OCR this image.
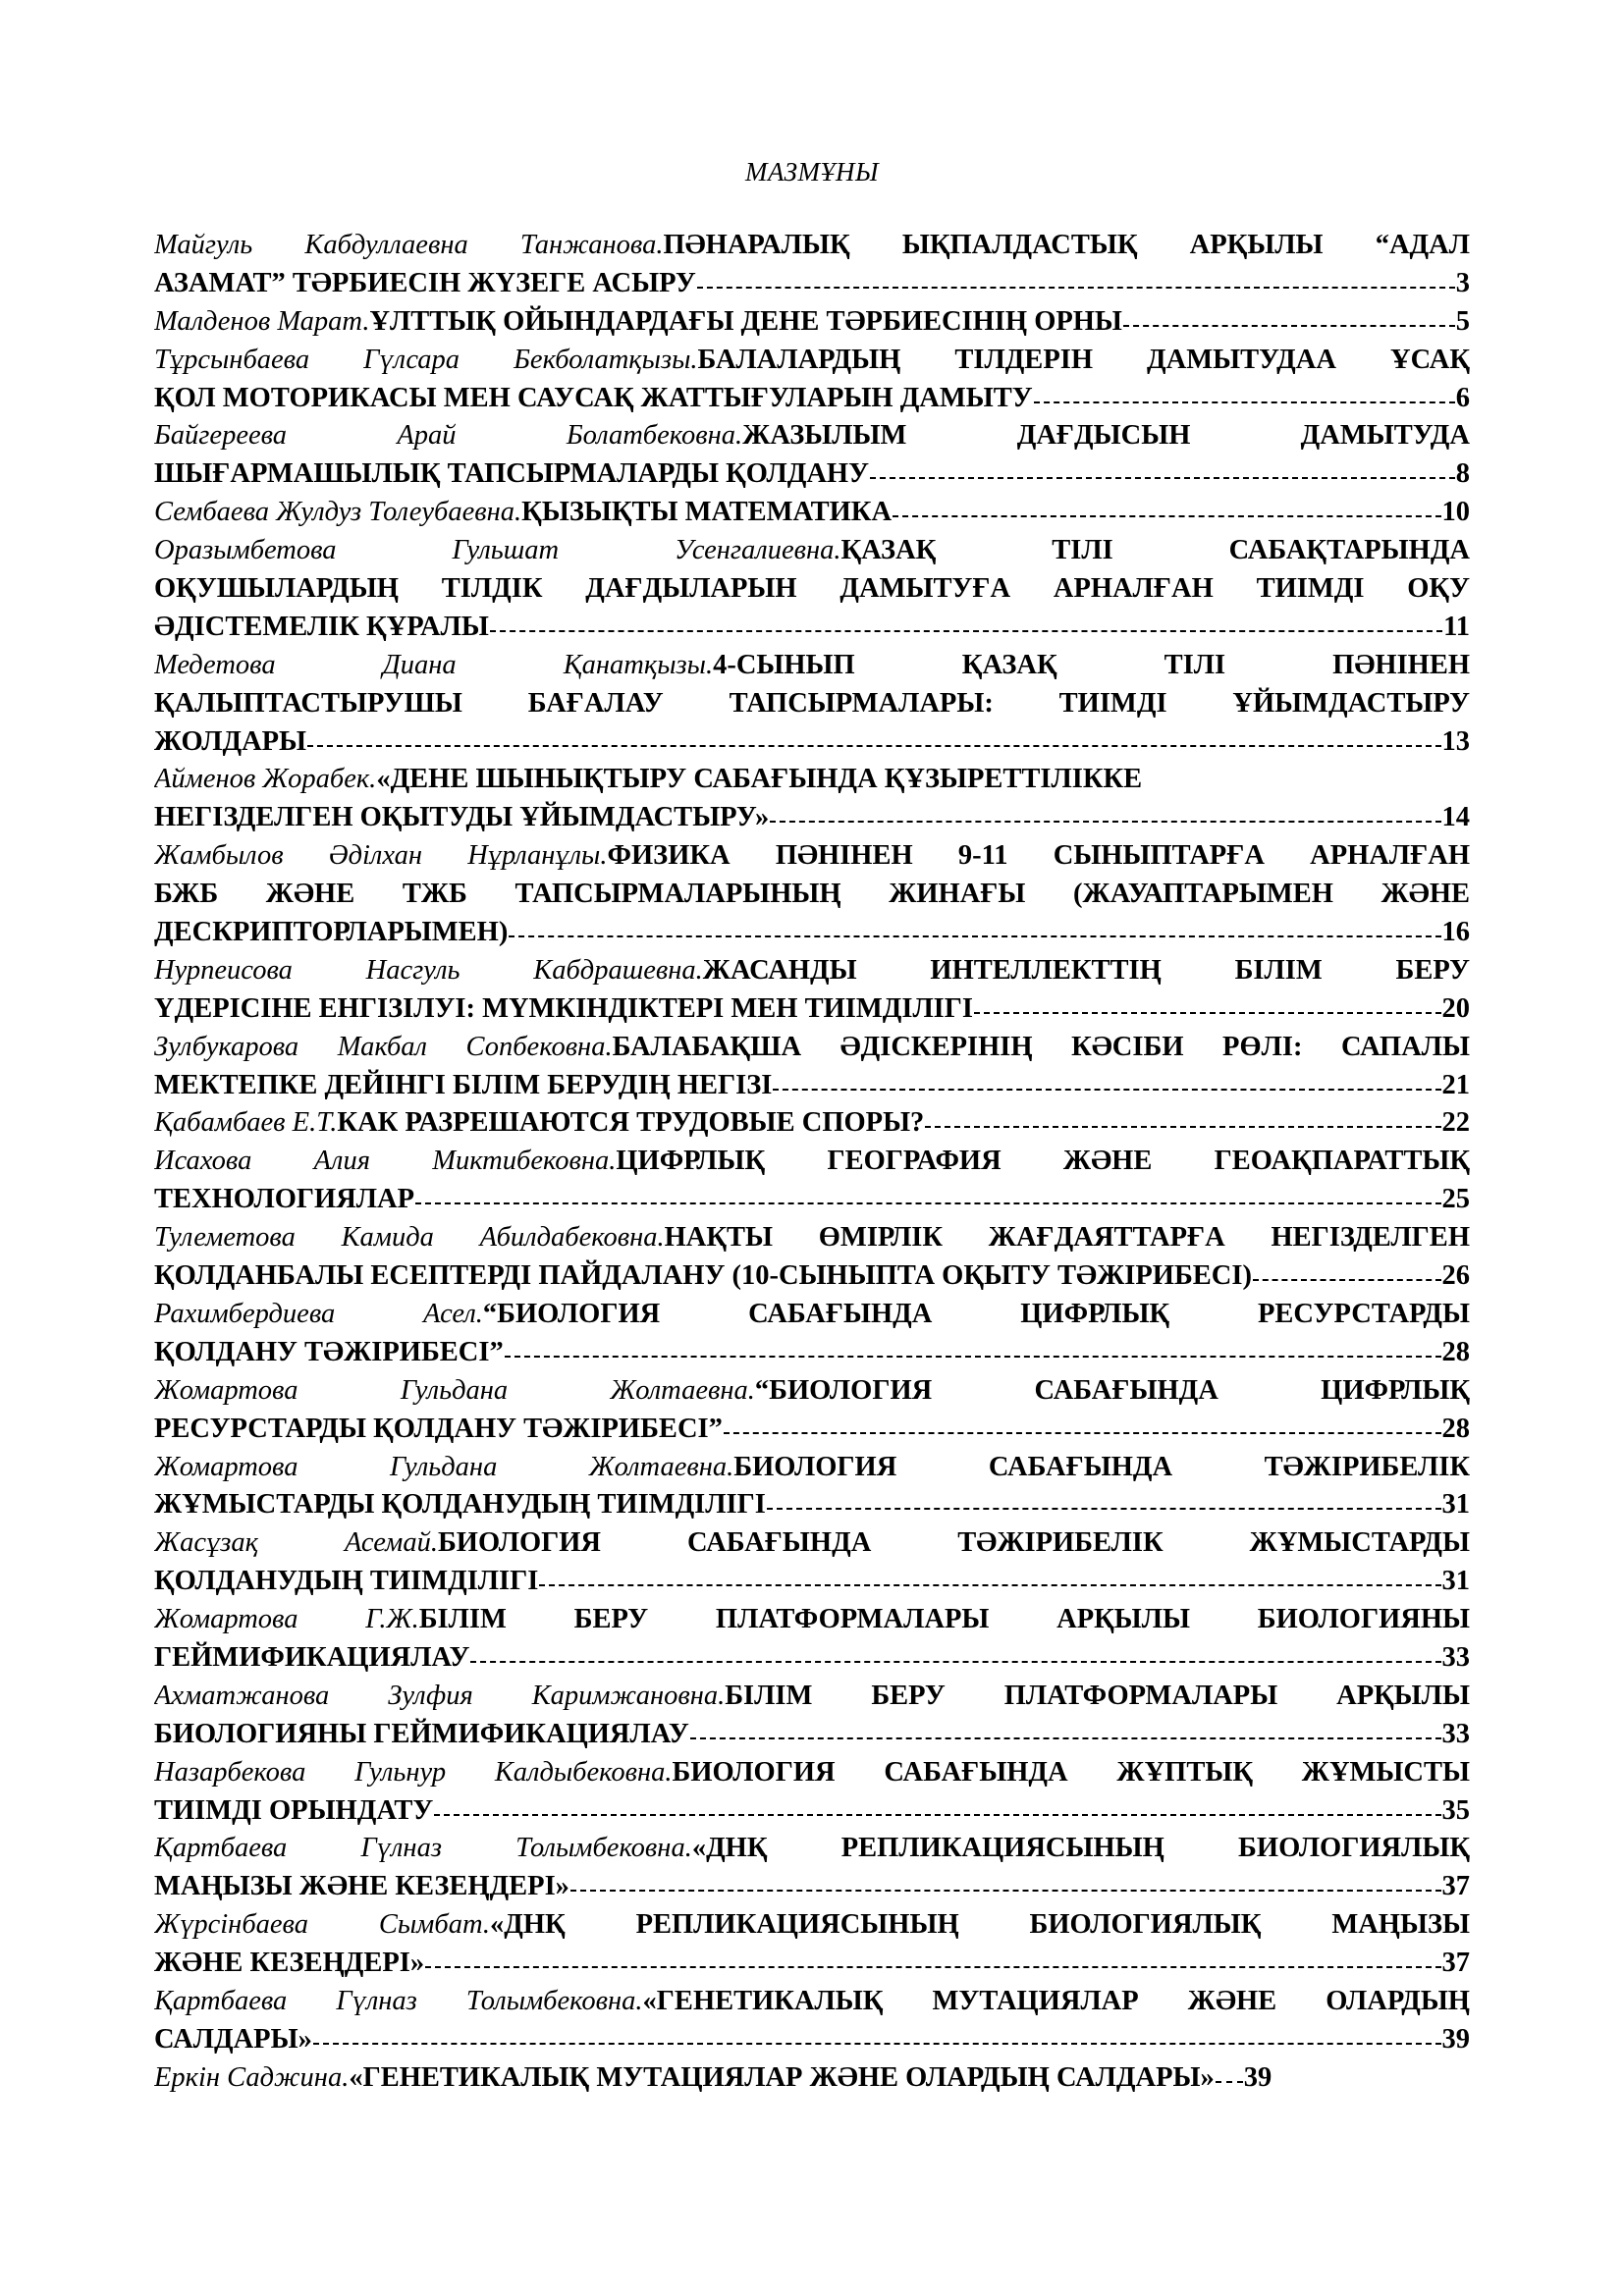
МАЗМҰНЫ
Майгуль Кабдуллаевна Танжанова.ПӘНАРАЛЫҚ ЫҚПАЛДАСТЫҚ АРҚЫЛЫ “АДАЛ
АЗАМАТ” ТӘРБИЕСІН ЖҮЗЕГЕ АСЫРУ	3
Малденов Марат.ҰЛТТЫҚ ОЙЫНДАРДАҒЫ ДЕНЕ ТӘРБИЕСІНІҢ ОРНЫ	5
Тұрсынбаева Гүлсара Бекболатқызы.БАЛАЛАРДЫҢ ТІЛДЕРІН ДАМЫТУДАА ҰСАҚ
ҚОЛ МОТОРИКАСЫ МЕН САУСАҚ ЖАТТЫҒУЛАРЫН ДАМЫТУ	6
Байгереева Арай Болатбековна.ЖАЗЫЛЫМ ДАҒДЫСЫН ДАМЫТУДА
ШЫҒАРМАШЫЛЫҚ ТАПСЫРМАЛАРДЫ ҚОЛДАНУ	8
Сембаева Жулдуз Толеубаевна.ҚЫЗЫҚТЫ МАТЕМАТИКА	10
Оразымбетова Гульшат Усенгалиевна.ҚАЗАҚ ТІЛІ САБАҚТАРЫНДА
ОҚУШЫЛАРДЫҢ ТІЛДІК ДАҒДЫЛАРЫН ДАМЫТУҒА АРНАЛҒАН ТИІМДІ ОҚУ
ӘДІСТЕМЕЛІК ҚҰРАЛЫ	11
Медетова Диана Қанатқызы.4-СЫНЫП ҚАЗАҚ ТІЛІ ПӘНІНЕН
ҚАЛЫПТАСТЫРУШЫ БАҒАЛАУ ТАПСЫРМАЛАРЫ: ТИІМДІ ҰЙЫМДАСТЫРУ
ЖОЛДАРЫ	13
Айменов Жорабек. «ДЕНЕ ШЫНЫҚТЫРУ САБАҒЫНДА ҚҰЗЫРЕТТІЛІККЕ
НЕГІЗДЕЛГЕН ОҚЫТУДЫ ҰЙЫМДАСТЫРУ»	14
Жамбылов Әділхан Нұрланұлы.ФИЗИКА ПӘНІНЕН 9-11 СЫНЫПТАРҒА АРНАЛҒАН
БЖБ ЖӘНЕ ТЖБ ТАПСЫРМАЛАРЫНЫҢ ЖИНАҒЫ (ЖАУАПТАРЫМЕН ЖӘНЕ
ДЕСКРИПТОРЛАРЫМЕН)	16
Нурпеисова Насгуль Кабдрашевна.ЖАСАНДЫ ИНТЕЛЛЕКТТІҢ БІЛІМ БЕРУ
ҮДЕРІСІНЕ ЕНГІЗІЛУІ: МҮМКІНДІКТЕРІ МЕН ТИІМДІЛІГІ	20
Зулбукарова Макбал Сопбековна.БАЛАБАҚША ӘДІСКЕРІНІҢ КӘСІБИ РӨЛІ: САПАЛЫ
МЕКТЕПКЕ ДЕЙІНГІ БІЛІМ БЕРУДІҢ НЕГІЗІ	21
Қабамбаев Е.Т.КАК РАЗРЕШАЮТСЯ ТРУДОВЫЕ СПОРЫ?	22
Исахова Алия Миктибековна.ЦИФРЛЫҚ ГЕОГРАФИЯ ЖӘНЕ ГЕОАҚПАРАТТЫҚ
ТЕХНОЛОГИЯЛАР	25
Тулеметова Камида Абилдабековна.НАҚТЫ ӨМІРЛІК ЖАҒДАЯТТАРҒА НЕГІЗДЕЛГЕН
ҚОЛДАНБАЛЫ ЕСЕПТЕРДІ ПАЙДАЛАНУ (10-СЫНЫПТА ОҚЫТУ ТӘЖІРИБЕСІ)	26
Рахимбердиева Асел.“БИОЛОГИЯ САБАҒЫНДА ЦИФРЛЫҚ РЕСУРСТАРДЫ
ҚОЛДАНУ ТӘЖІРИБЕСІ”	28
Жомартова Гульдана Жолтаевна.“БИОЛОГИЯ САБАҒЫНДА ЦИФРЛЫҚ
РЕСУРСТАРДЫ ҚОЛДАНУ ТӘЖІРИБЕСІ”	28
Жомартова Гульдана Жолтаевна.БИОЛОГИЯ САБАҒЫНДА ТӘЖІРИБЕЛІК
ЖҰМЫСТАРДЫ ҚОЛДАНУДЫҢ ТИІМДІЛІГІ	31
Жасұзақ Асемай.БИОЛОГИЯ САБАҒЫНДА ТӘЖІРИБЕЛІК ЖҰМЫСТАРДЫ
ҚОЛДАНУДЫҢ ТИІМДІЛІГІ	31
Жомартова Г.Ж.БІЛІМ БЕРУ ПЛАТФОРМАЛАРЫ АРҚЫЛЫ БИОЛОГИЯНЫ
ГЕЙМИФИКАЦИЯЛАУ	33
Ахматжанова Зулфия Каримжановна.БІЛІМ БЕРУ ПЛАТФОРМАЛАРЫ АРҚЫЛЫ
БИОЛОГИЯНЫ ГЕЙМИФИКАЦИЯЛАУ	33
Назарбекова Гульнур Калдыбековна.БИОЛОГИЯ САБАҒЫНДА ЖҰПТЫҚ ЖҰМЫСТЫ
ТИІМДІ ОРЫНДАТУ	35
Қартбаева Гүлназ Толымбековна.«ДНҚ РЕПЛИКАЦИЯСЫНЫҢ БИОЛОГИЯЛЫҚ
МАҢЫЗЫ ЖӘНЕ КЕЗЕҢДЕРІ»	37
Жүрсінбаева Сымбат.«ДНҚ РЕПЛИКАЦИЯСЫНЫҢ БИОЛОГИЯЛЫҚ МАҢЫЗЫ
ЖӘНЕ КЕЗЕҢДЕРІ»	37
Қартбаева Гүлназ Толымбековна.«ГЕНЕТИКАЛЫҚ МУТАЦИЯЛАР ЖӘНЕ ОЛАРДЫҢ
САЛДАРЫ»	39
Еркін Саджина.«ГЕНЕТИКАЛЫҚ МУТАЦИЯЛАР ЖӘНЕ ОЛАРДЫҢ САЛДАРЫ» 39
